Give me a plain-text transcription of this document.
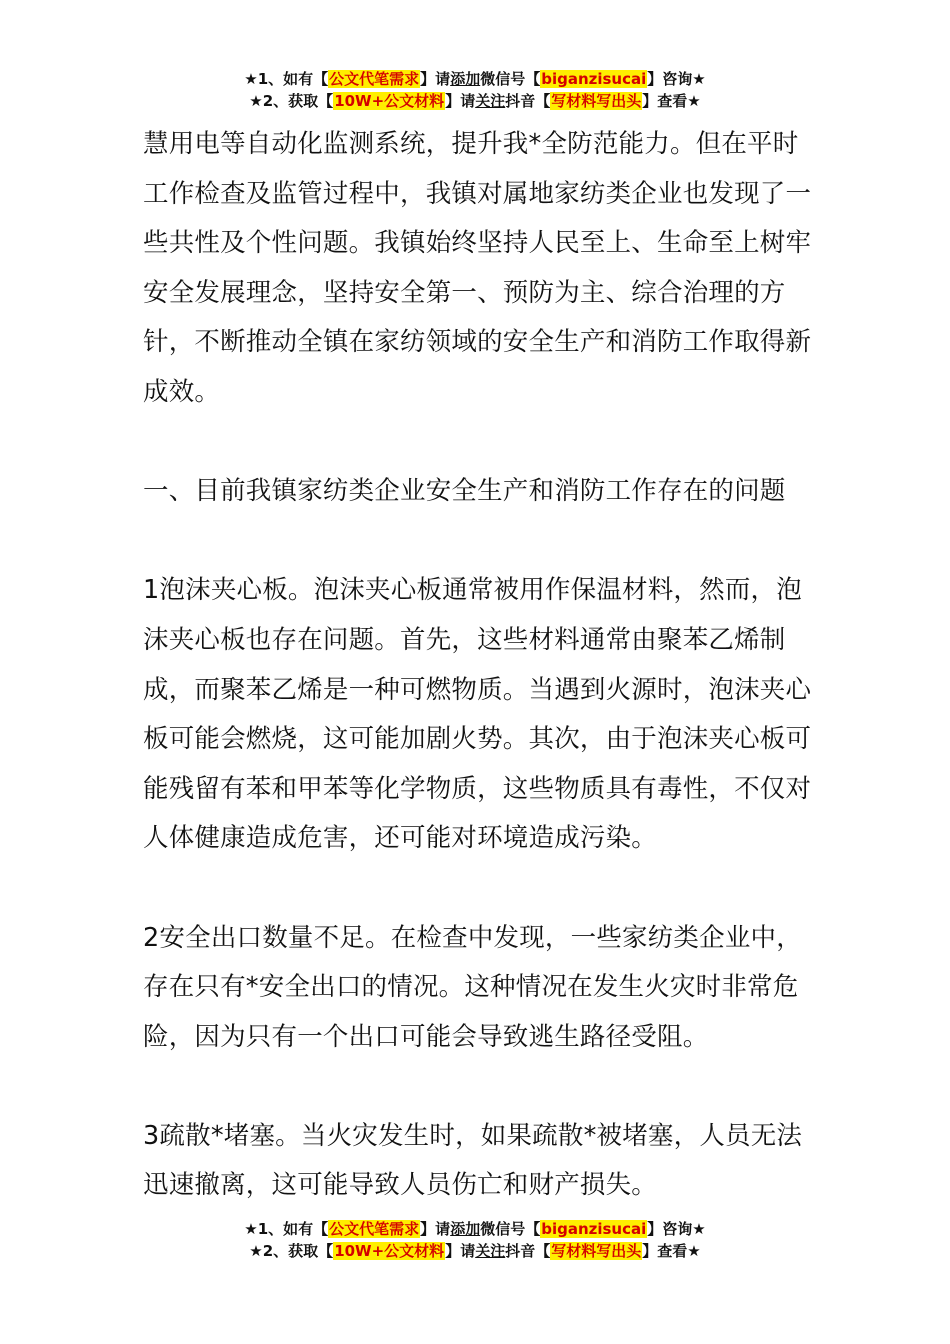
★1、如有【公文代笔需求】请添加微信号【biganzisucai】咨询★
★2、获取【10W+公文材料】请关注抖音【写材料写出头】查看★

慧用电等自动化监测系统，提升我*全防范能力。但在平时工作检查及监管过程中，我镇对属地家纺类企业也发现了一些共性及个性问题。我镇始终坚持人民至上、生命至上树牢安全发展理念，坚持安全第一、预防为主、综合治理的方针，不断推动全镇在家纺领域的安全生产和消防工作取得新成效。

一、目前我镇家纺类企业安全生产和消防工作存在的问题

1泡沫夹心板。泡沫夹心板通常被用作保温材料，然而，泡沫夹心板也存在问题。首先，这些材料通常由聚苯乙烯制成，而聚苯乙烯是一种可燃物质。当遇到火源时，泡沫夹心板可能会燃烧，这可能加剧火势。其次，由于泡沫夹心板可能残留有苯和甲苯等化学物质，这些物质具有毒性，不仅对人体健康造成危害，还可能对环境造成污染。

2安全出口数量不足。在检查中发现，一些家纺类企业中，存在只有*安全出口的情况。这种情况在发生火灾时非常危险，因为只有一个出口可能会导致逃生路径受阻。

3疏散*堵塞。当火灾发生时，如果疏散*被堵塞，人员无法迅速撤离，这可能导致人员伤亡和财产损失。

★1、如有【公文代笔需求】请添加微信号【biganzisucai】咨询★
★2、获取【10W+公文材料】请关注抖音【写材料写出头】查看★
